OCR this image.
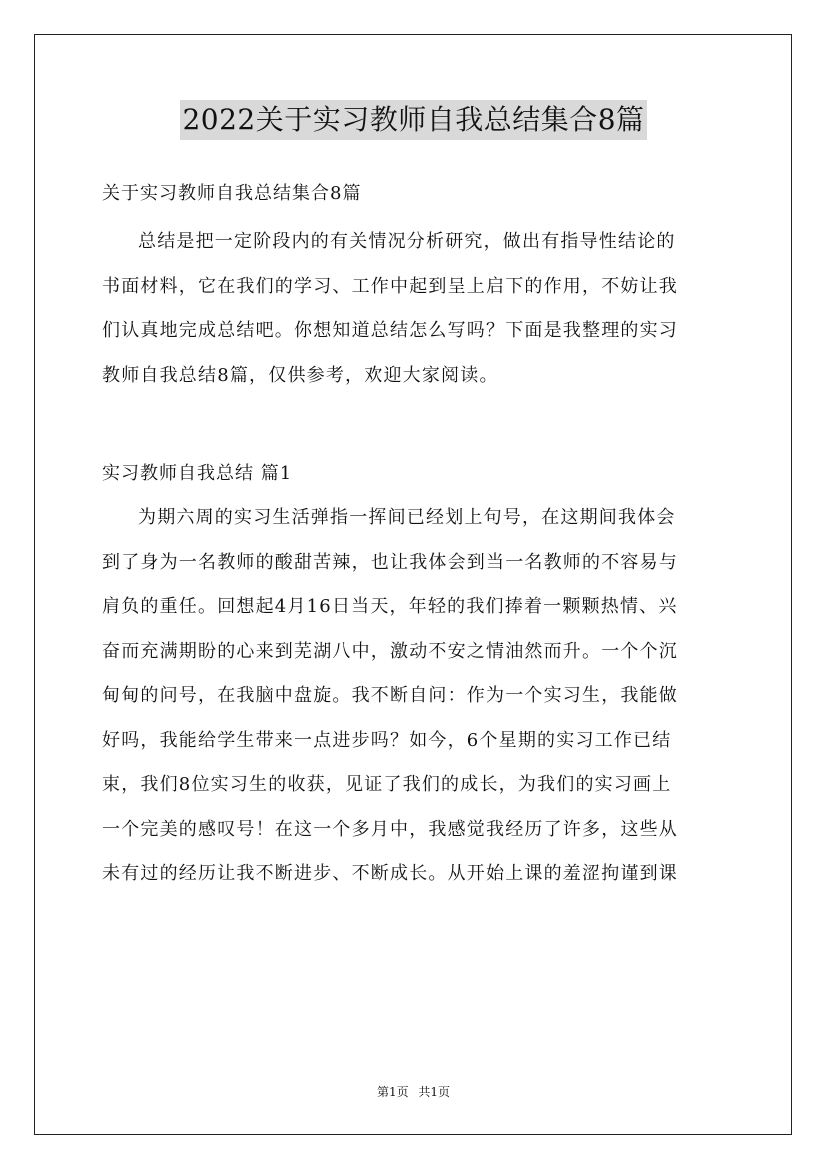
2022关于实习教师自我总结集合8篇
关于实习教师自我总结集合8篇
总结是把一定阶段内的有关情况分析研究，做出有指导性结论的
书面材料，它在我们的学习、工作中起到呈上启下的作用，不妨让我
们认真地完成总结吧。你想知道总结怎么写吗？下面是我整理的实习
教师自我总结8篇，仅供参考，欢迎大家阅读。
实习教师自我总结 篇1
为期六周的实习生活弹指一挥间已经划上句号，在这期间我体会
到了身为一名教师的酸甜苦辣，也让我体会到当一名教师的不容易与
肩负的重任。回想起4月16日当天，年轻的我们捧着一颗颗热情、兴
奋而充满期盼的心来到芜湖八中，激动不安之情油然而升。一个个沉
甸甸的问号，在我脑中盘旋。我不断自问：作为一个实习生，我能做
好吗，我能给学生带来一点进步吗？如今，6个星期的实习工作已结
束，我们8位实习生的收获，见证了我们的成长，为我们的实习画上
一个完美的感叹号！在这一个多月中，我感觉我经历了许多，这些从
未有过的经历让我不断进步、不断成长。从开始上课的羞涩拘谨到课
第1页 共1页
